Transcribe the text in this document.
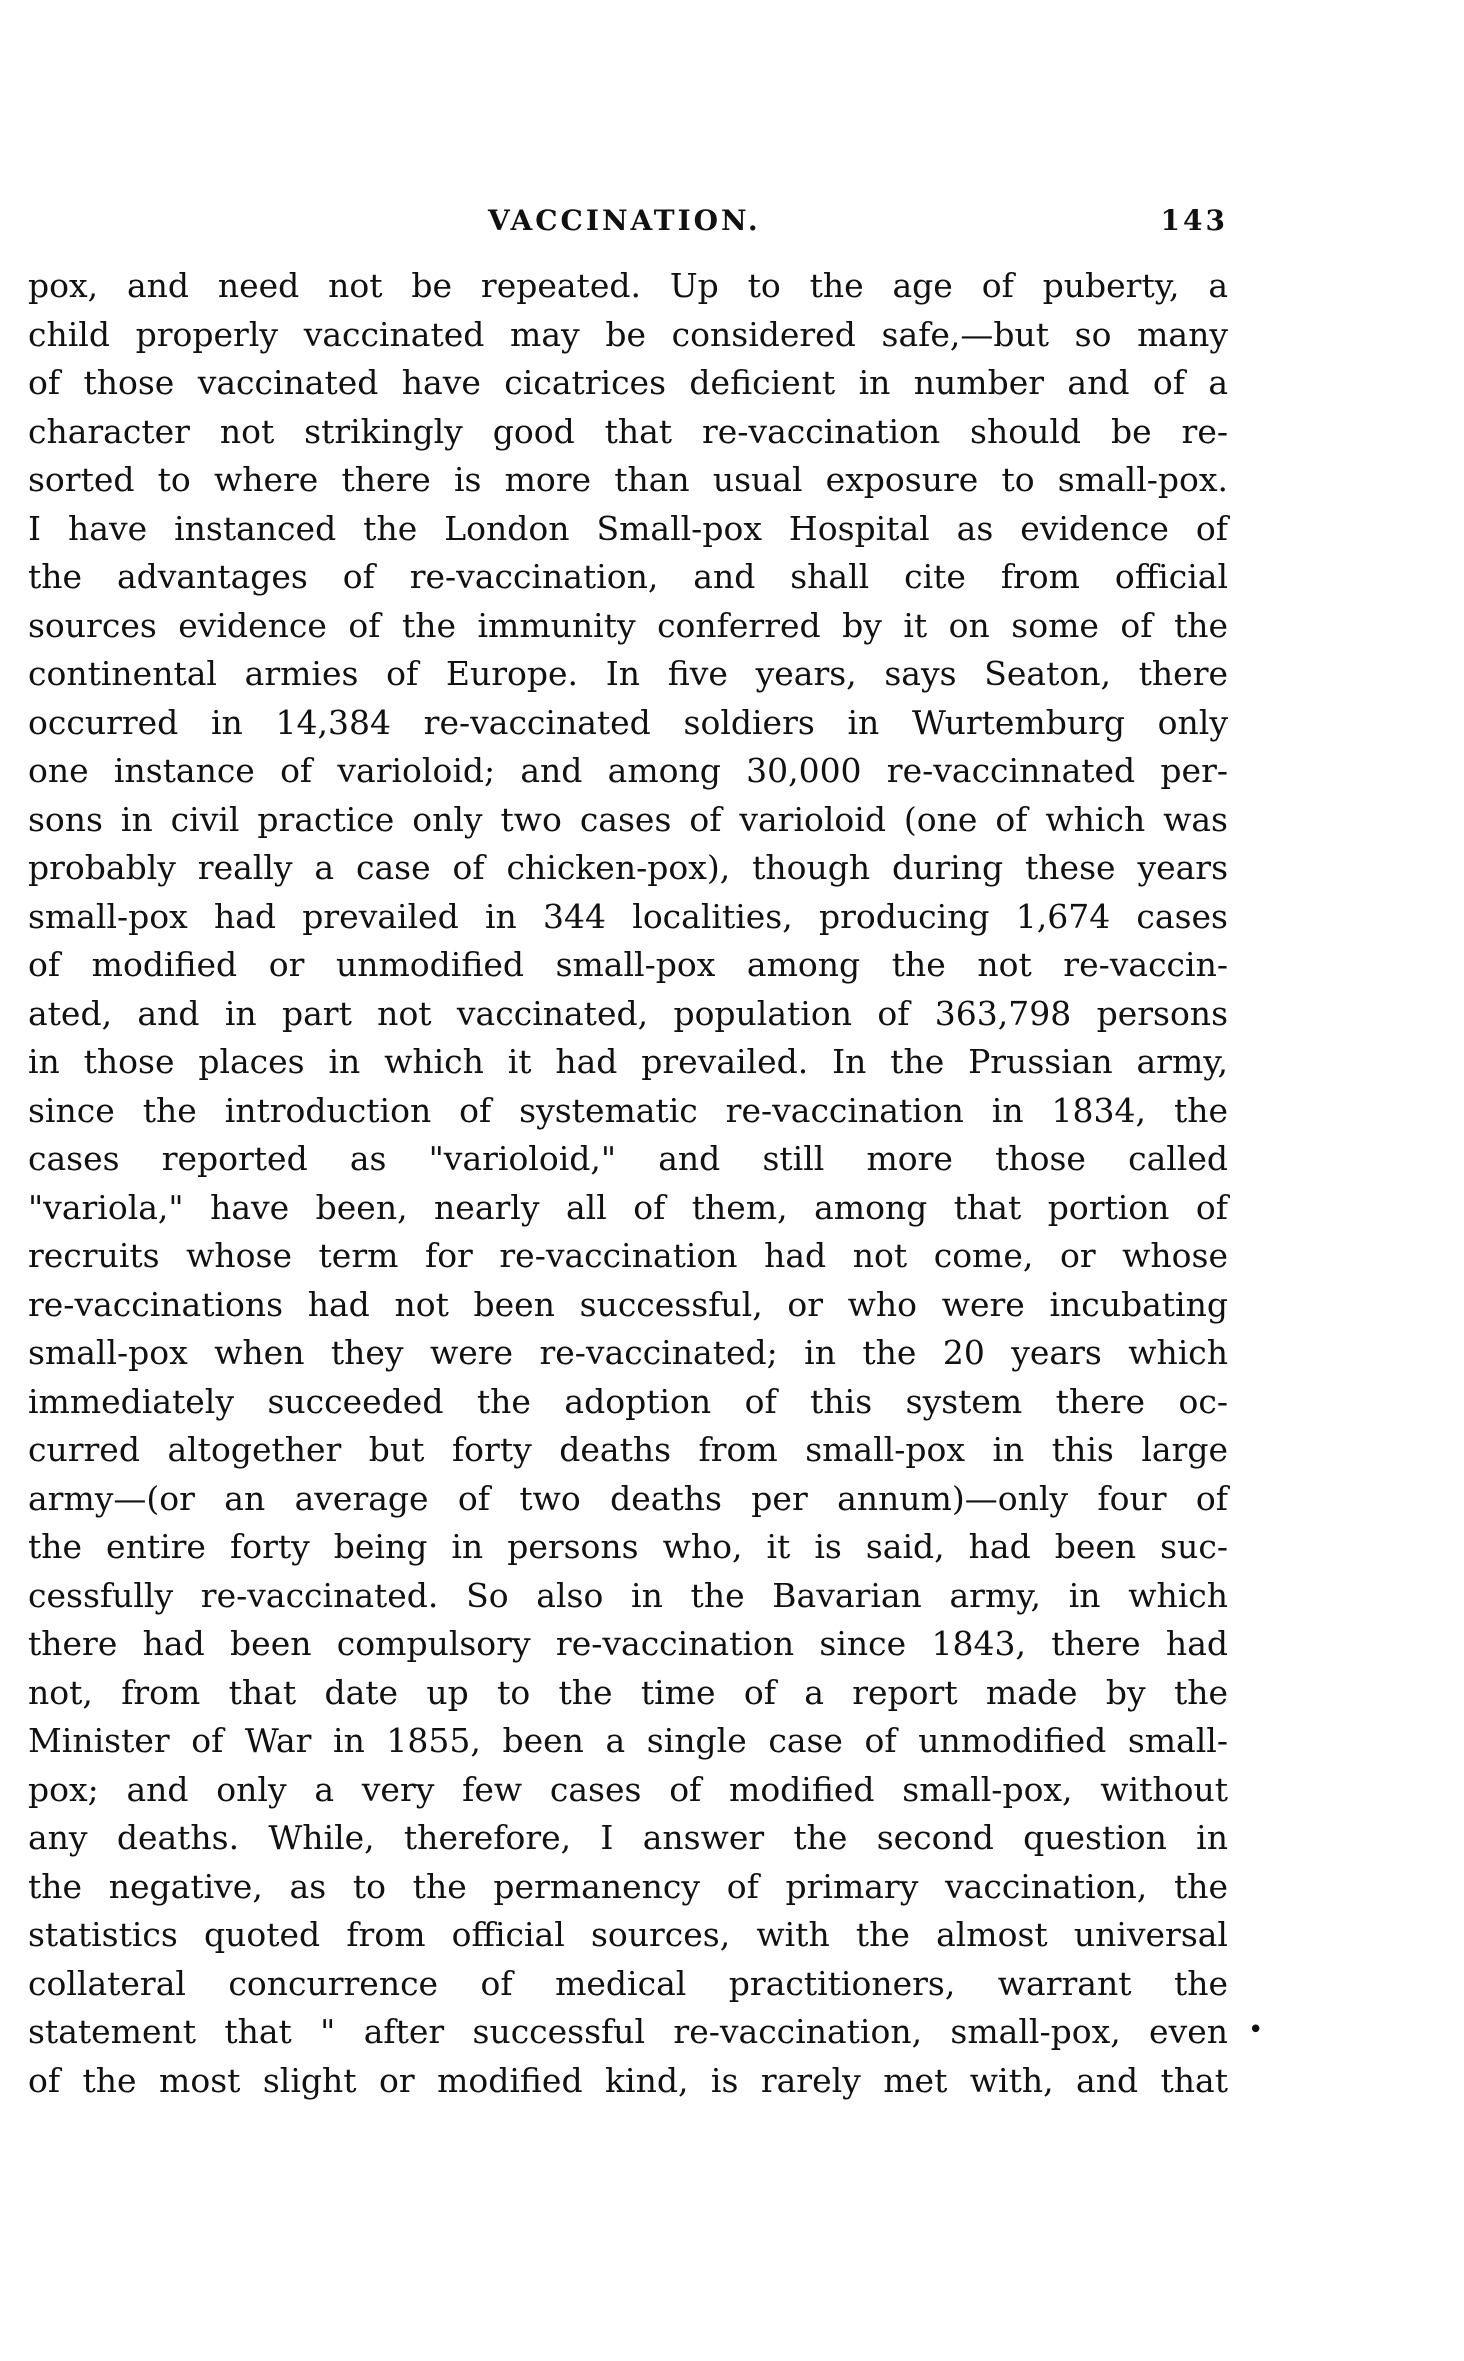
VACCINATION.	143
pox, and need not be repeated. Up to the age of puberty, a
child properly vaccinated may be considered safe,—but so many
of those vaccinated have cicatrices deficient in number and of a
character not strikingly good that re-vaccination should be re-
sorted to where there is more than usual exposure to small-pox.
I have instanced the London Small-pox Hospital as evidence of
the advantages of re-vaccination, and shall cite from official
sources evidence of the immunity conferred by it on some of the
continental armies of Europe. In five years, says Seaton, there
occurred in 14,384 re-vaccinated soldiers in Wurtemburg only
one instance of varioloid; and among 30,000 re-vaccinnated per-
sons in civil practice only two cases of varioloid (one of which was
probably really a case of chicken-pox), though during these years
small-pox had prevailed in 344 localities, producing 1,674 cases
of modified or unmodified small-pox among the not re-vaccin-
ated, and in part not vaccinated, population of 363,798 persons
in those places in which it had prevailed. In the Prussian army,
since the introduction of systematic re-vaccination in 1834, the
cases reported as "varioloid," and still more those called
"variola," have been, nearly all of them, among that portion of
recruits whose term for re-vaccination had not come, or whose
re-vaccinations had not been successful, or who were incubating
small-pox when they were re-vaccinated; in the 20 years which
immediately succeeded the adoption of this system there oc-
curred altogether but forty deaths from small-pox in this large
army—(or an average of two deaths per annum)—only four of
the entire forty being in persons who, it is said, had been suc-
cessfully re-vaccinated. So also in the Bavarian army, in which
there had been compulsory re-vaccination since 1843, there had
not, from that date up to the time of a report made by the
Minister of War in 1855, been a single case of unmodified small-
pox; and only a very few cases of modified small-pox, without
any deaths. While, therefore, I answer the second question in
the negative, as to the permanency of primary vaccination, the
statistics quoted from official sources, with the almost universal
collateral concurrence of medical practitioners, warrant the
statement that " after successful re-vaccination, small-pox, even
of the most slight or modified kind, is rarely met with, and that
•
